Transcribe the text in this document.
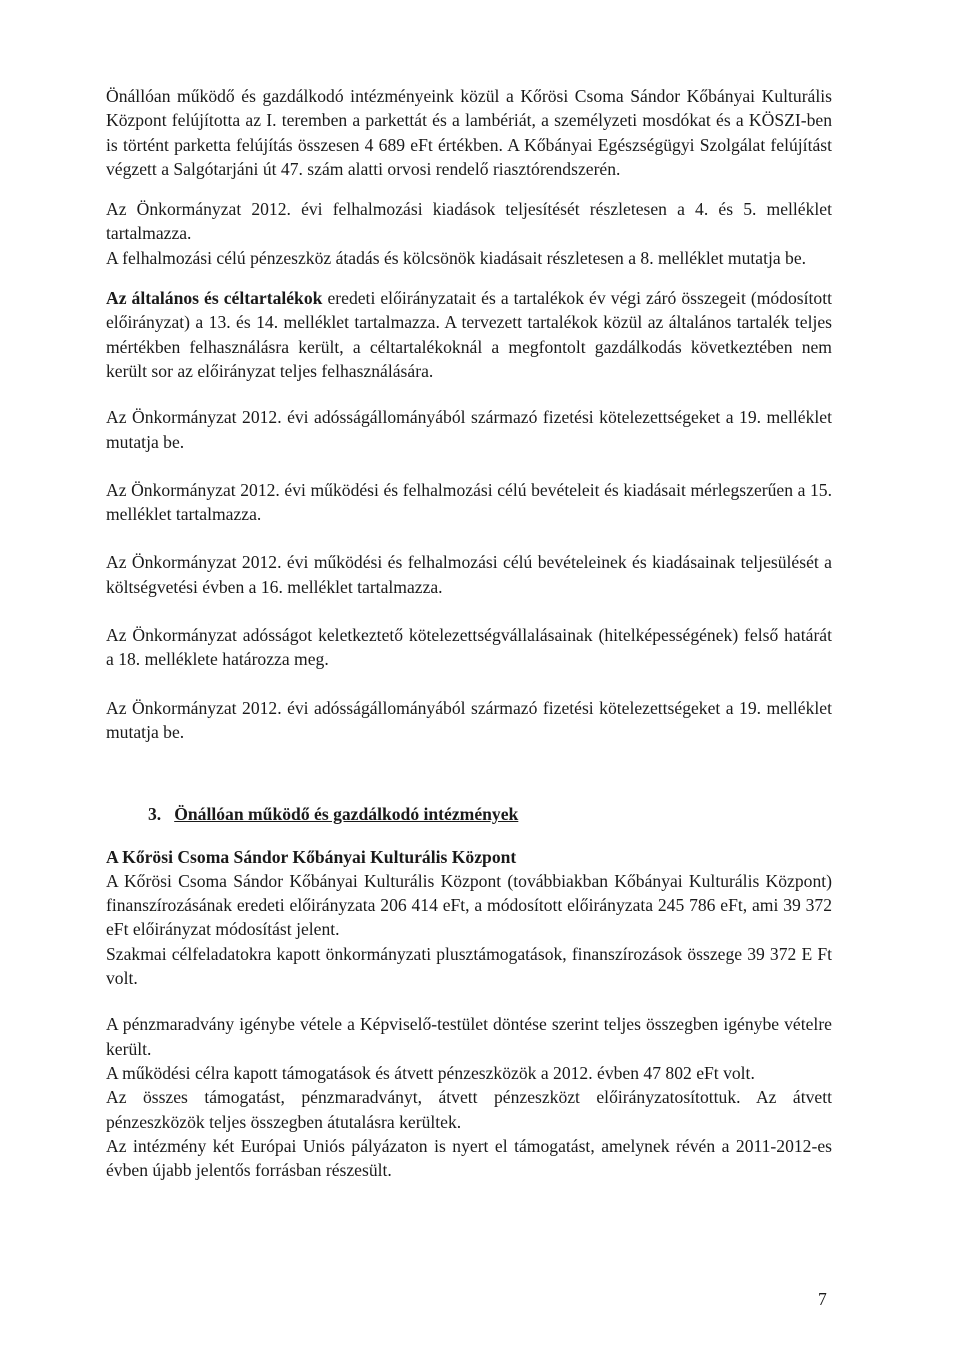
Önállóan működő és gazdálkodó intézményeink közül a Kőrösi Csoma Sándor Kőbányai Kulturális Központ felújította az I. teremben a parkettát és a lambériát, a személyzeti mosdókat és a KÖSZI-ben is történt parketta felújítás összesen 4 689 eFt értékben. A Kőbányai Egészségügyi Szolgálat felújítást végzett a Salgótarjáni út 47. szám alatti orvosi rendelő riasztórendszerén.

Az Önkormányzat 2012. évi felhalmozási kiadások teljesítését részletesen a 4. és 5. melléklet tartalmazza.

A felhalmozási célú pénzeszköz átadás és kölcsönök kiadásait részletesen a 8. melléklet mutatja be.

Az általános és céltartalékok eredeti előirányzatait és a tartalékok év végi záró összegeit (módosított előirányzat) a 13. és 14. melléklet tartalmazza. A tervezett tartalékok közül az általános tartalék teljes mértékben felhasználásra került, a céltartalékoknál a megfontolt gazdálkodás következtében nem került sor az előirányzat teljes felhasználására.

Az Önkormányzat 2012. évi adósságállományából származó fizetési kötelezettségeket a 19. melléklet mutatja be.

Az Önkormányzat 2012. évi működési és felhalmozási célú bevételeit és kiadásait mérlegszerűen a 15. melléklet tartalmazza.

Az Önkormányzat 2012. évi működési és felhalmozási célú bevételeinek és kiadásainak teljesülését a költségvetési évben a 16. melléklet tartalmazza.

Az Önkormányzat adósságot keletkeztető kötelezettségvállalásainak (hitelképességének) felső határát a 18. melléklete határozza meg.

Az Önkormányzat 2012. évi adósságállományából származó fizetési kötelezettségeket a 19. melléklet mutatja be.

3. Önállóan működő és gazdálkodó intézmények

A Kőrösi Csoma Sándor Kőbányai Kulturális Központ

A Kőrösi Csoma Sándor Kőbányai Kulturális Központ (továbbiakban Kőbányai Kulturális Központ) finanszírozásának eredeti előirányzata 206 414 eFt, a módosított előirányzata 245 786 eFt, ami 39 372 eFt előirányzat módosítást jelent.

Szakmai célfeladatokra kapott önkormányzati plusztámogatások, finanszírozások összege 39 372 E Ft volt.

A pénzmaradvány igénybe vétele a Képviselő-testület döntése szerint teljes összegben igénybe vételre került.

A működési célra kapott támogatások és átvett pénzeszközök a 2012. évben 47 802 eFt volt.

Az összes támogatást, pénzmaradványt, átvett pénzeszközt előirányzatosítottuk. Az átvett pénzeszközök teljes összegben átutalásra kerültek.

Az intézmény két Európai Uniós pályázaton is nyert el támogatást, amelynek révén a 2011-2012-es évben újabb jelentős forrásban részesült.

7
